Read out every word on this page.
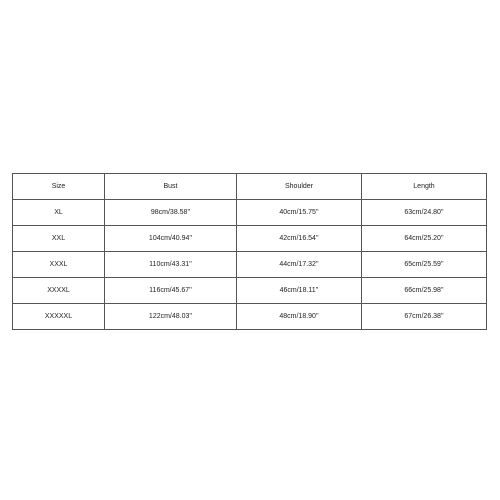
Size	Bust	Shoulder	Length
XL	98cm/38.58''	40cm/15.75''	63cm/24.80''
XXL	104cm/40.94''	42cm/16.54''	64cm/25.20''
XXXL	110cm/43.31''	44cm/17.32''	65cm/25.59''
XXXXL	116cm/45.67''	46cm/18.11''	66cm/25.98''
XXXXXL	122cm/48.03''	48cm/18.90''	67cm/26.38''
